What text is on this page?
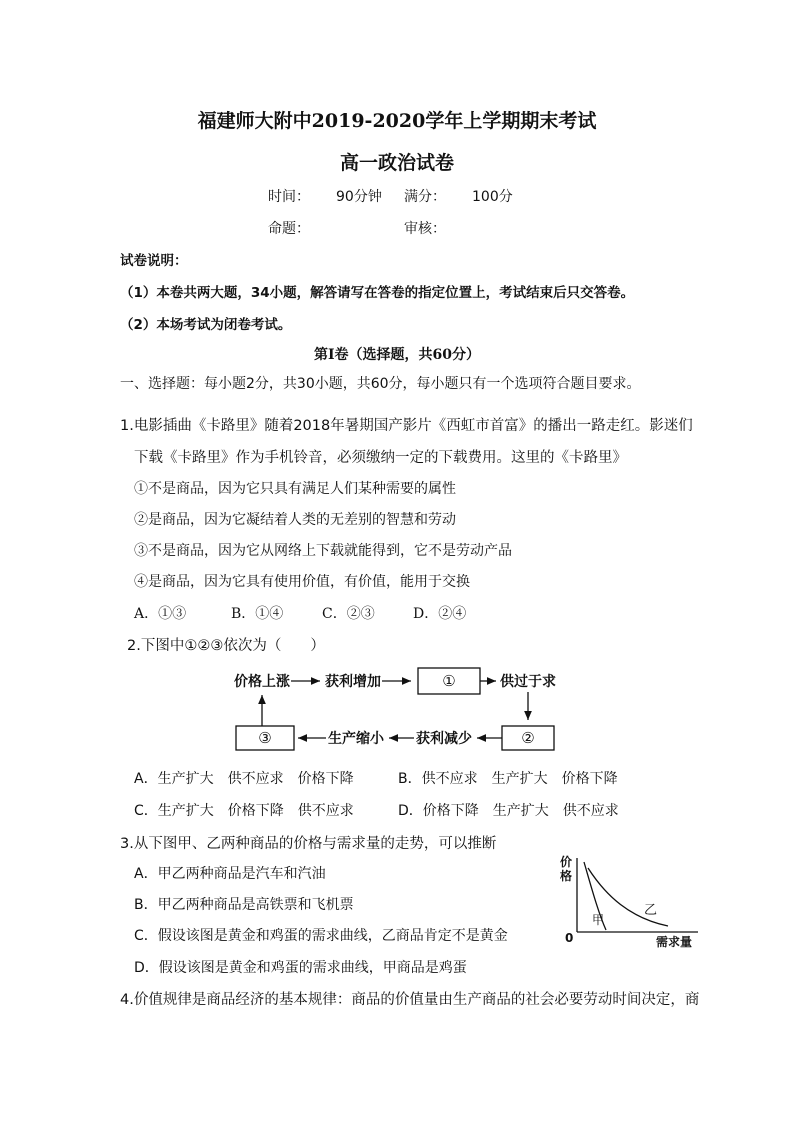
福建师大附中2019-2020学年上学期期末考试
高一政治试卷
时间： 90分钟 满分： 100分
命题：	审核：
试卷说明：
（1）本卷共两大题，34小题，解答请写在答卷的指定位置上，考试结束后只交答卷。
（2）本场考试为闭卷考试。
第Ⅰ卷（选择题，共60分）
一、选择题：每小题2分，共30小题，共60分，每小题只有一个选项符合题目要求。
1.电影插曲《卡路里》随着2018年暑期国产影片《西虹市首富》的播出一路走红。影迷们
下载《卡路里》作为手机铃音，必须缴纳一定的下载费用。这里的《卡路里》
①不是商品，因为它只具有满足人们某种需要的属性
②是商品，因为它凝结着人类的无差别的智慧和劳动
③不是商品，因为它从网络上下载就能得到，它不是劳动产品
④是商品，因为它具有使用价值，有价值，能用于交换
A．①③	B．①④	C．②③	D．②④
2.下图中①②③依次为（　　）
价格上涨	获利增加	①	供过于求
②
获利减少
生产缩小
③
A．生产扩大　供不应求　价格下降	B．供不应求　生产扩大　价格下降
C．生产扩大　价格下降　供不应求	D．价格下降　生产扩大　供不应求
3.从下图甲、乙两种商品的价格与需求量的走势，可以推断
A．甲乙两种商品是汽车和汽油
B．甲乙两种商品是高铁票和飞机票
C．假设该图是黄金和鸡蛋的需求曲线，乙商品肯定不是黄金
D．假设该图是黄金和鸡蛋的需求曲线，甲商品是鸡蛋
价
格
0	需求量
甲
乙
4.价值规律是商品经济的基本规律：商品的价值量由生产商品的社会必要劳动时间决定，商
